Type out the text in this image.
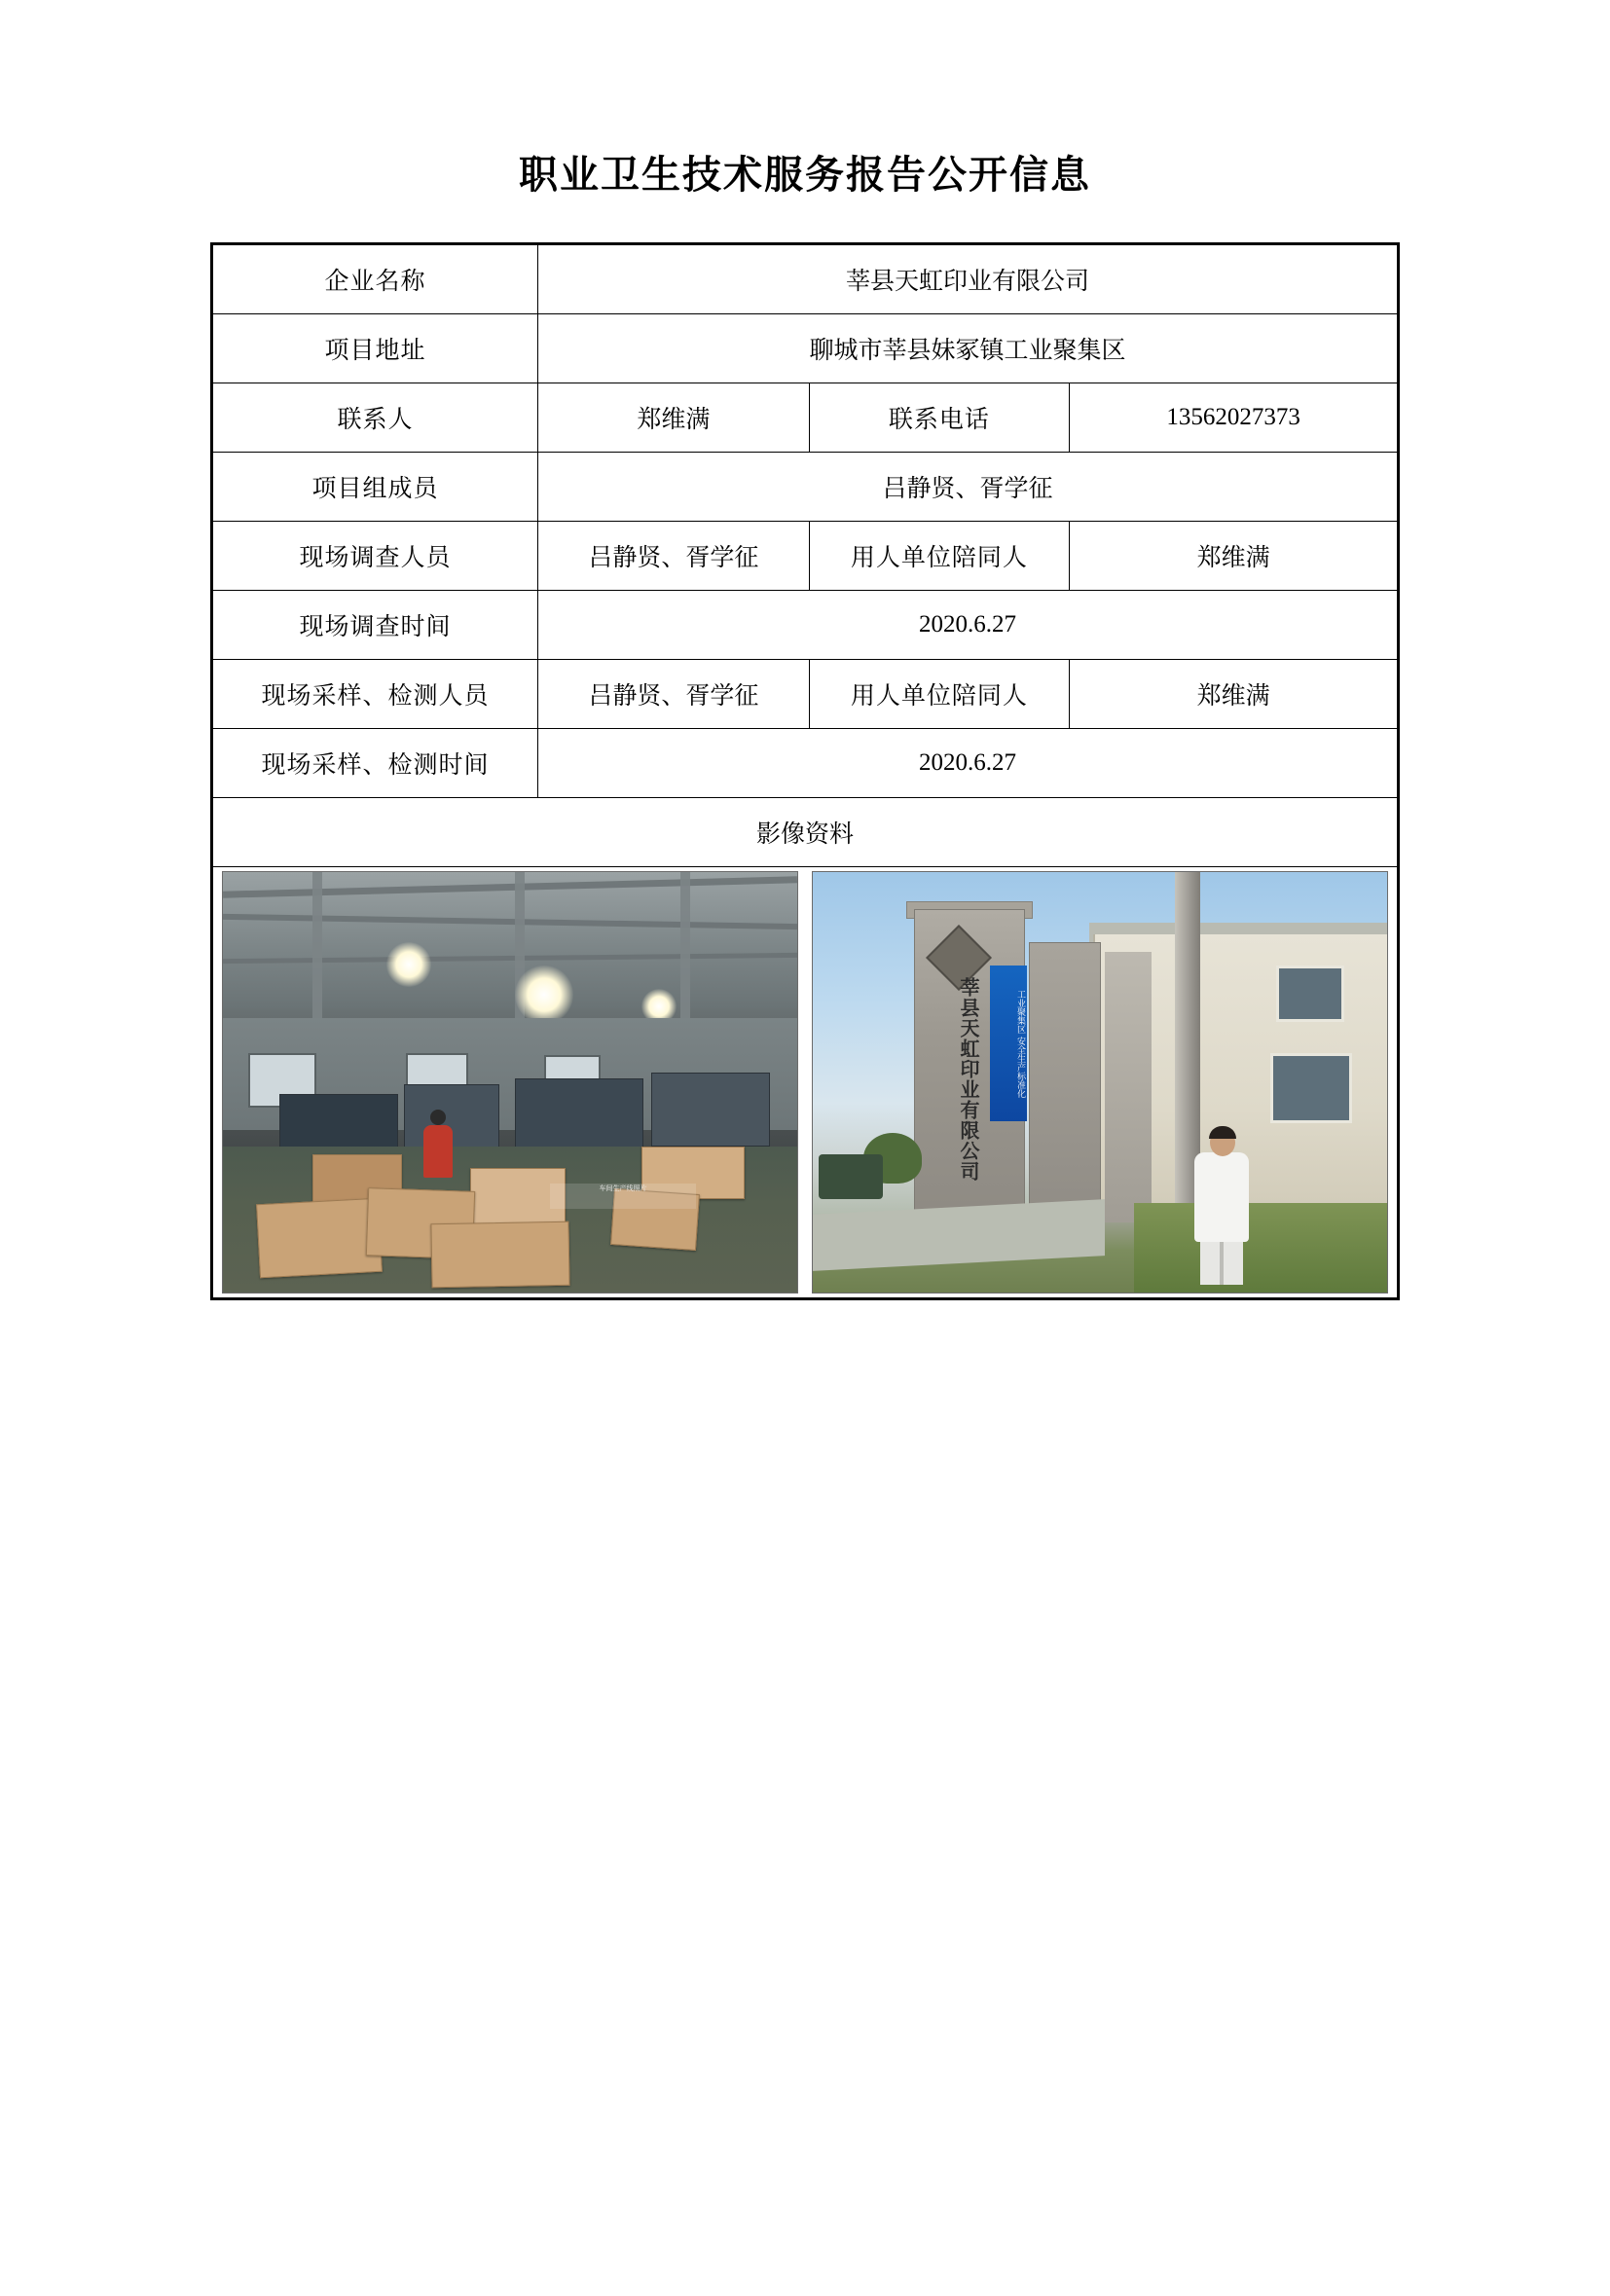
职业卫生技术服务报告公开信息
企业名称	莘县天虹印业有限公司		
项目地址	聊城市莘县妹冢镇工业聚集区		
联系人	郑维满	联系电话	13562027373
项目组成员	吕静贤、胥学征		
现场调查人员	吕静贤、胥学征	用人单位陪同人	郑维满
现场调查时间	2020.6.27		
现场采样、检测人员	吕静贤、胥学征	用人单位陪同人	郑维满
现场采样、检测时间	2020.6.27		
影像资料			

车间生产线照片
莘县天虹印业有限公司 工业聚集区 安全生产标准化			
